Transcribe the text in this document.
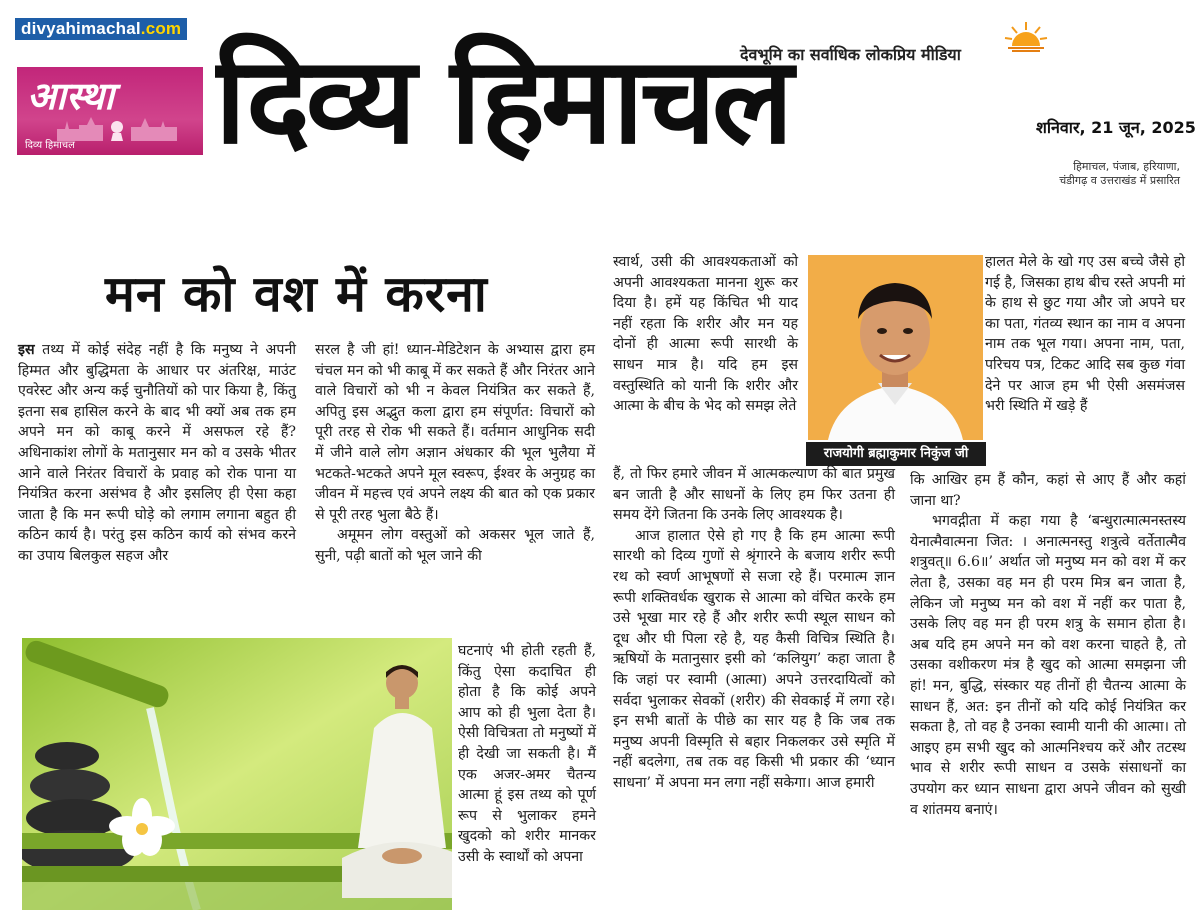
divyahimachal.com
आस्था
दिव्य हिमाचल दिव्य हिमाचल
देवभूमि का सर्वाधिक लोकप्रिय मीडिया
शनिवार, 21 जून, 2025
हिमाचल, पंजाब, हरियाणा,
चंडीगढ़ व उत्तराखंड में प्रसारित
मन को वश में करना

इस तथ्य में कोई संदेह नहीं है कि मनुष्य ने अपनी हिम्मत और बुद्धिमता के आधार पर अंतरिक्ष, माउंट एवरेस्ट और अन्य कई चुनौतियों को पार किया है, किंतु इतना सब हासिल करने के बाद भी क्यों अब तक हम अपने मन को काबू करने में असफल रहे हैं? अधिनाकांश लोगों के मतानुसार मन को व उसके भीतर आने वाले निरंतर विचारों के प्रवाह को रोक पाना या नियंत्रित करना असंभव है और इसलिए ही ऐसा कहा जाता है कि मन रूपी घोड़े को लगाम लगाना बहुत ही कठिन कार्य है। परंतु इस कठिन कार्य को संभव करने का उपाय बिलकुल सहज और

सरल है जी हां! ध्यान-मेडिटेशन के अभ्यास द्वारा हम चंचल मन को भी काबू में कर सकते हैं और निरंतर आने वाले विचारों को भी न केवल नियंत्रित कर सकते हैं, अपितु इस अद्भुत कला द्वारा हम संपूर्णत: विचारों को पूरी तरह से रोक भी सकते हैं। वर्तमान आधुनिक सदी में जीने वाले लोग अज्ञान अंधकार की भूल भुलैया में भटकते-भटकते अपने मूल स्वरूप, ईश्वर के अनुग्रह का जीवन में महत्त्व एवं अपने लक्ष्य की बात को एक प्रकार से पूरी तरह भुला बैठे हैं।

अमूमन लोग वस्तुओं को अकसर भूल जाते हैं, सुनी, पढ़ी बातों को भूल जाने की

घटनाएं भी होती रहती हैं, किंतु ऐसा कदाचित ही होता है कि कोई अपने आप को ही भुला देता है। ऐसी विचित्रता तो मनुष्यों में ही देखी जा सकती है। मैं एक अजर-अमर चैतन्य आत्मा हूं इस तथ्य को पूर्ण रूप से भुलाकर हमने खुदको को शरीर मानकर उसी के स्वार्थों को अपना

स्वार्थ, उसी की आवश्यकताओं को अपनी आवश्यकता मानना शुरू कर दिया है। हमें यह किंचित भी याद नहीं रहता कि शरीर और मन यह दोनों ही आत्मा रूपी सारथी के साधन मात्र है। यदि हम इस वस्तुस्थिति को यानी कि शरीर और आत्मा के बीच के भेद को समझ लेते

राजयोगी ब्रह्माकुमार निकुंज जी

हैं, तो फिर हमारे जीवन में आत्मकल्याण की बात प्रमुख बन जाती है और साधनों के लिए हम फिर उतना ही समय देंगे जितना कि उनके लिए आवश्यक है।

आज हालात ऐसे हो गए है कि हम आत्मा रूपी सारथी को दिव्य गुणों से श्रृंगारने के बजाय शरीर रूपी रथ को स्वर्ण आभूषणों से सजा रहे हैं। परमात्म ज्ञान रूपी शक्तिवर्धक खुराक से आत्मा को वंचित करके हम उसे भूखा मार रहे हैं और शरीर रूपी स्थूल साधन को दूध और घी पिला रहे है, यह कैसी विचित्र स्थिति है। ऋषियों के मतानुसार इसी को ‘कलियुग’ कहा जाता है कि जहां पर स्वामी (आत्मा) अपने उत्तरदायित्वों को सर्वदा भुलाकर सेवकों (शरीर) की सेवकाई में लगा रहे। इन सभी बातों के पीछे का सार यह है कि जब तक मनुष्य अपनी विस्मृति से बहार निकलकर उसे स्मृति में नहीं बदलेगा, तब तक वह किसी भी प्रकार की ‘ध्यान साधना’ में अपना मन लगा नहीं सकेगा। आज हमारी

हालत मेले के खो गए उस बच्चे जैसे हो गई है, जिसका हाथ बीच रस्ते अपनी मां के हाथ से छुट गया और जो अपने घर का पता, गंतव्य स्थान का नाम व अपना नाम तक भूल गया। अपना नाम, पता, परिचय पत्र, टिकट आदि सब कुछ गंवा देने पर आज हम भी ऐसी असमंजस भरी स्थिति में खड़े हैं

कि आखिर हम हैं कौन, कहां से आए हैं और कहां जाना था?

भगवद्गीता में कहा गया है ‘बन्धुरात्मात्मनस्तस्य येनात्मैवात्मना जित: । अनात्मनस्तु शत्रुत्वे वर्तेतात्मैव शत्रुवत्॥ 6.6॥’ अर्थात जो मनुष्य मन को वश में कर लेता है, उसका वह मन ही परम मित्र बन जाता है, लेकिन जो मनुष्य मन को वश में नहीं कर पाता है, उसके लिए वह मन ही परम शत्रु के समान होता है। अब यदि हम अपने मन को वश करना चाहते है, तो उसका वशीकरण मंत्र है खुद को आत्मा समझना जी हां! मन, बुद्धि, संस्कार यह तीनों ही चैतन्य आत्मा के साधन हैं, अत: इन तीनों को यदि कोई नियंत्रित कर सकता है, तो वह है उनका स्वामी यानी की आत्मा। तो आइए हम सभी खुद को आत्मनिश्चय करें और तटस्थ भाव से शरीर रूपी साधन व उसके संसाधनों का उपयोग कर ध्यान साधना द्वारा अपने जीवन को सुखी व शांतमय बनाएं।
